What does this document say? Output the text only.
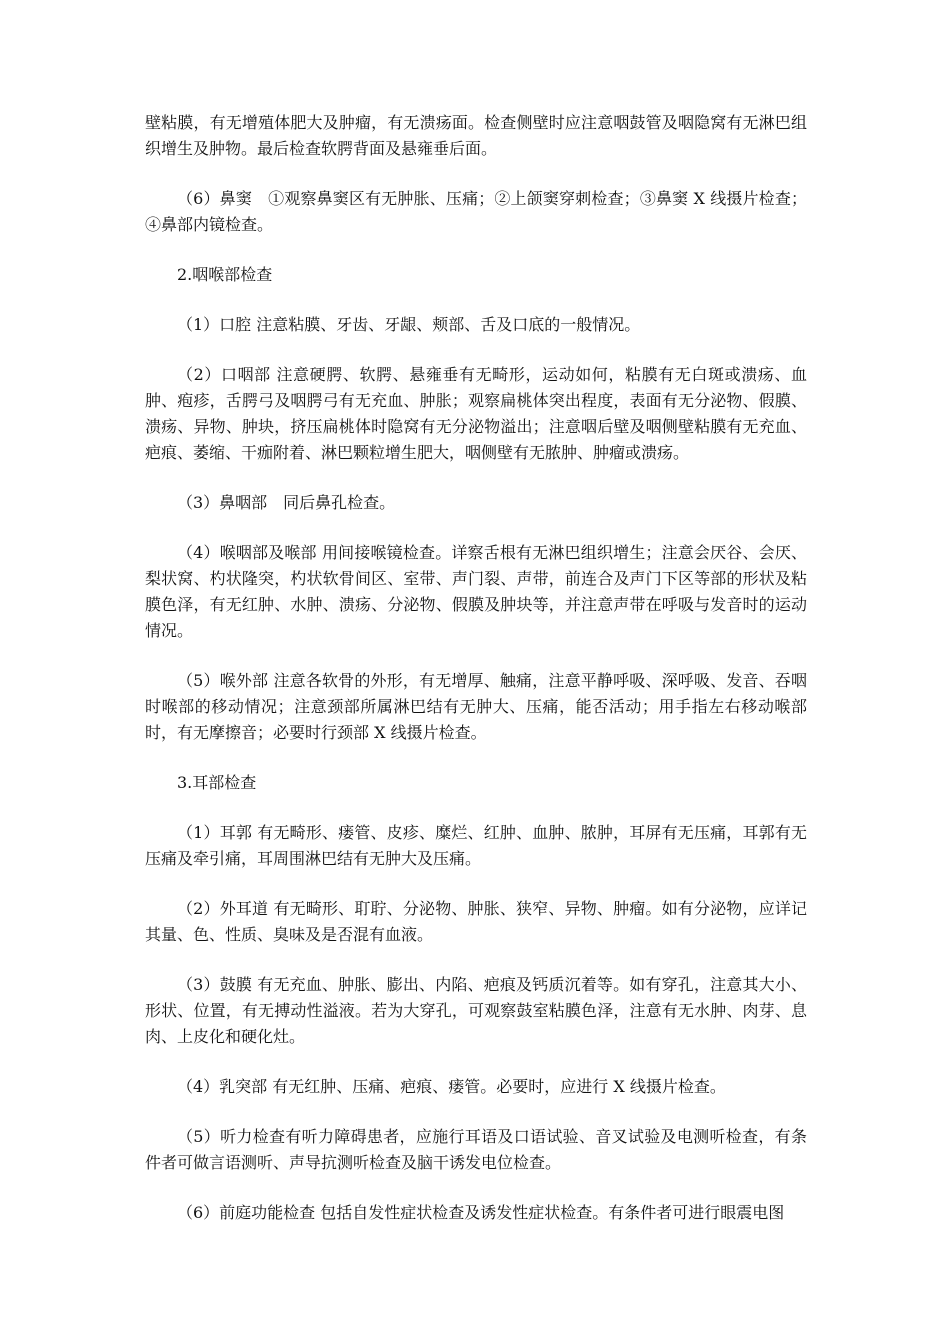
壁粘膜，有无增殖体肥大及肿瘤，有无溃疡面。检查侧壁时应注意咽鼓管及咽隐窝有无淋巴组织增生及肿物。最后检查软腭背面及悬雍垂后面。

（6）鼻窦　①观察鼻窦区有无肿胀、压痛；②上颌窦穿刺检查；③鼻窦 X 线摄片检查；④鼻部内镜检查。

2.咽喉部检查

（1）口腔 注意粘膜、牙齿、牙龈、颊部、舌及口底的一般情况。

（2）口咽部 注意硬腭、软腭、悬雍垂有无畸形，运动如何，粘膜有无白斑或溃疡、血肿、疱疹，舌腭弓及咽腭弓有无充血、肿胀；观察扁桃体突出程度，表面有无分泌物、假膜、溃疡、异物、肿块，挤压扁桃体时隐窝有无分泌物溢出；注意咽后壁及咽侧壁粘膜有无充血、疤痕、萎缩、干痂附着、淋巴颗粒增生肥大，咽侧壁有无脓肿、肿瘤或溃疡。

（3）鼻咽部　同后鼻孔检查。

（4）喉咽部及喉部 用间接喉镜检查。详察舌根有无淋巴组织增生；注意会厌谷、会厌、梨状窝、杓状隆突，杓状软骨间区、室带、声门裂、声带，前连合及声门下区等部的形状及粘膜色泽，有无红肿、水肿、溃疡、分泌物、假膜及肿块等，并注意声带在呼吸与发音时的运动情况。

（5）喉外部 注意各软骨的外形，有无增厚、触痛，注意平静呼吸、深呼吸、发音、吞咽时喉部的移动情况；注意颈部所属淋巴结有无肿大、压痛，能否活动；用手指左右移动喉部时，有无摩擦音；必要时行颈部 X 线摄片检查。

3.耳部检查

（1）耳郭 有无畸形、瘘管、皮疹、糜烂、红肿、血肿、脓肿，耳屏有无压痛，耳郭有无压痛及牵引痛，耳周围淋巴结有无肿大及压痛。

（2）外耳道 有无畸形、耵聍、分泌物、肿胀、狭窄、异物、肿瘤。如有分泌物，应详记其量、色、性质、臭味及是否混有血液。

（3）鼓膜 有无充血、肿胀、膨出、内陷、疤痕及钙质沉着等。如有穿孔，注意其大小、形状、位置，有无搏动性溢液。若为大穿孔，可观察鼓室粘膜色泽，注意有无水肿、肉芽、息肉、上皮化和硬化灶。

（4）乳突部 有无红肿、压痛、疤痕、瘘管。必要时，应进行 X 线摄片检查。

（5）听力检查有听力障碍患者，应施行耳语及口语试验、音叉试验及电测听检查，有条件者可做言语测听、声导抗测听检查及脑干诱发电位检查。

（6）前庭功能检查 包括自发性症状检查及诱发性症状检查。有条件者可进行眼震电图
